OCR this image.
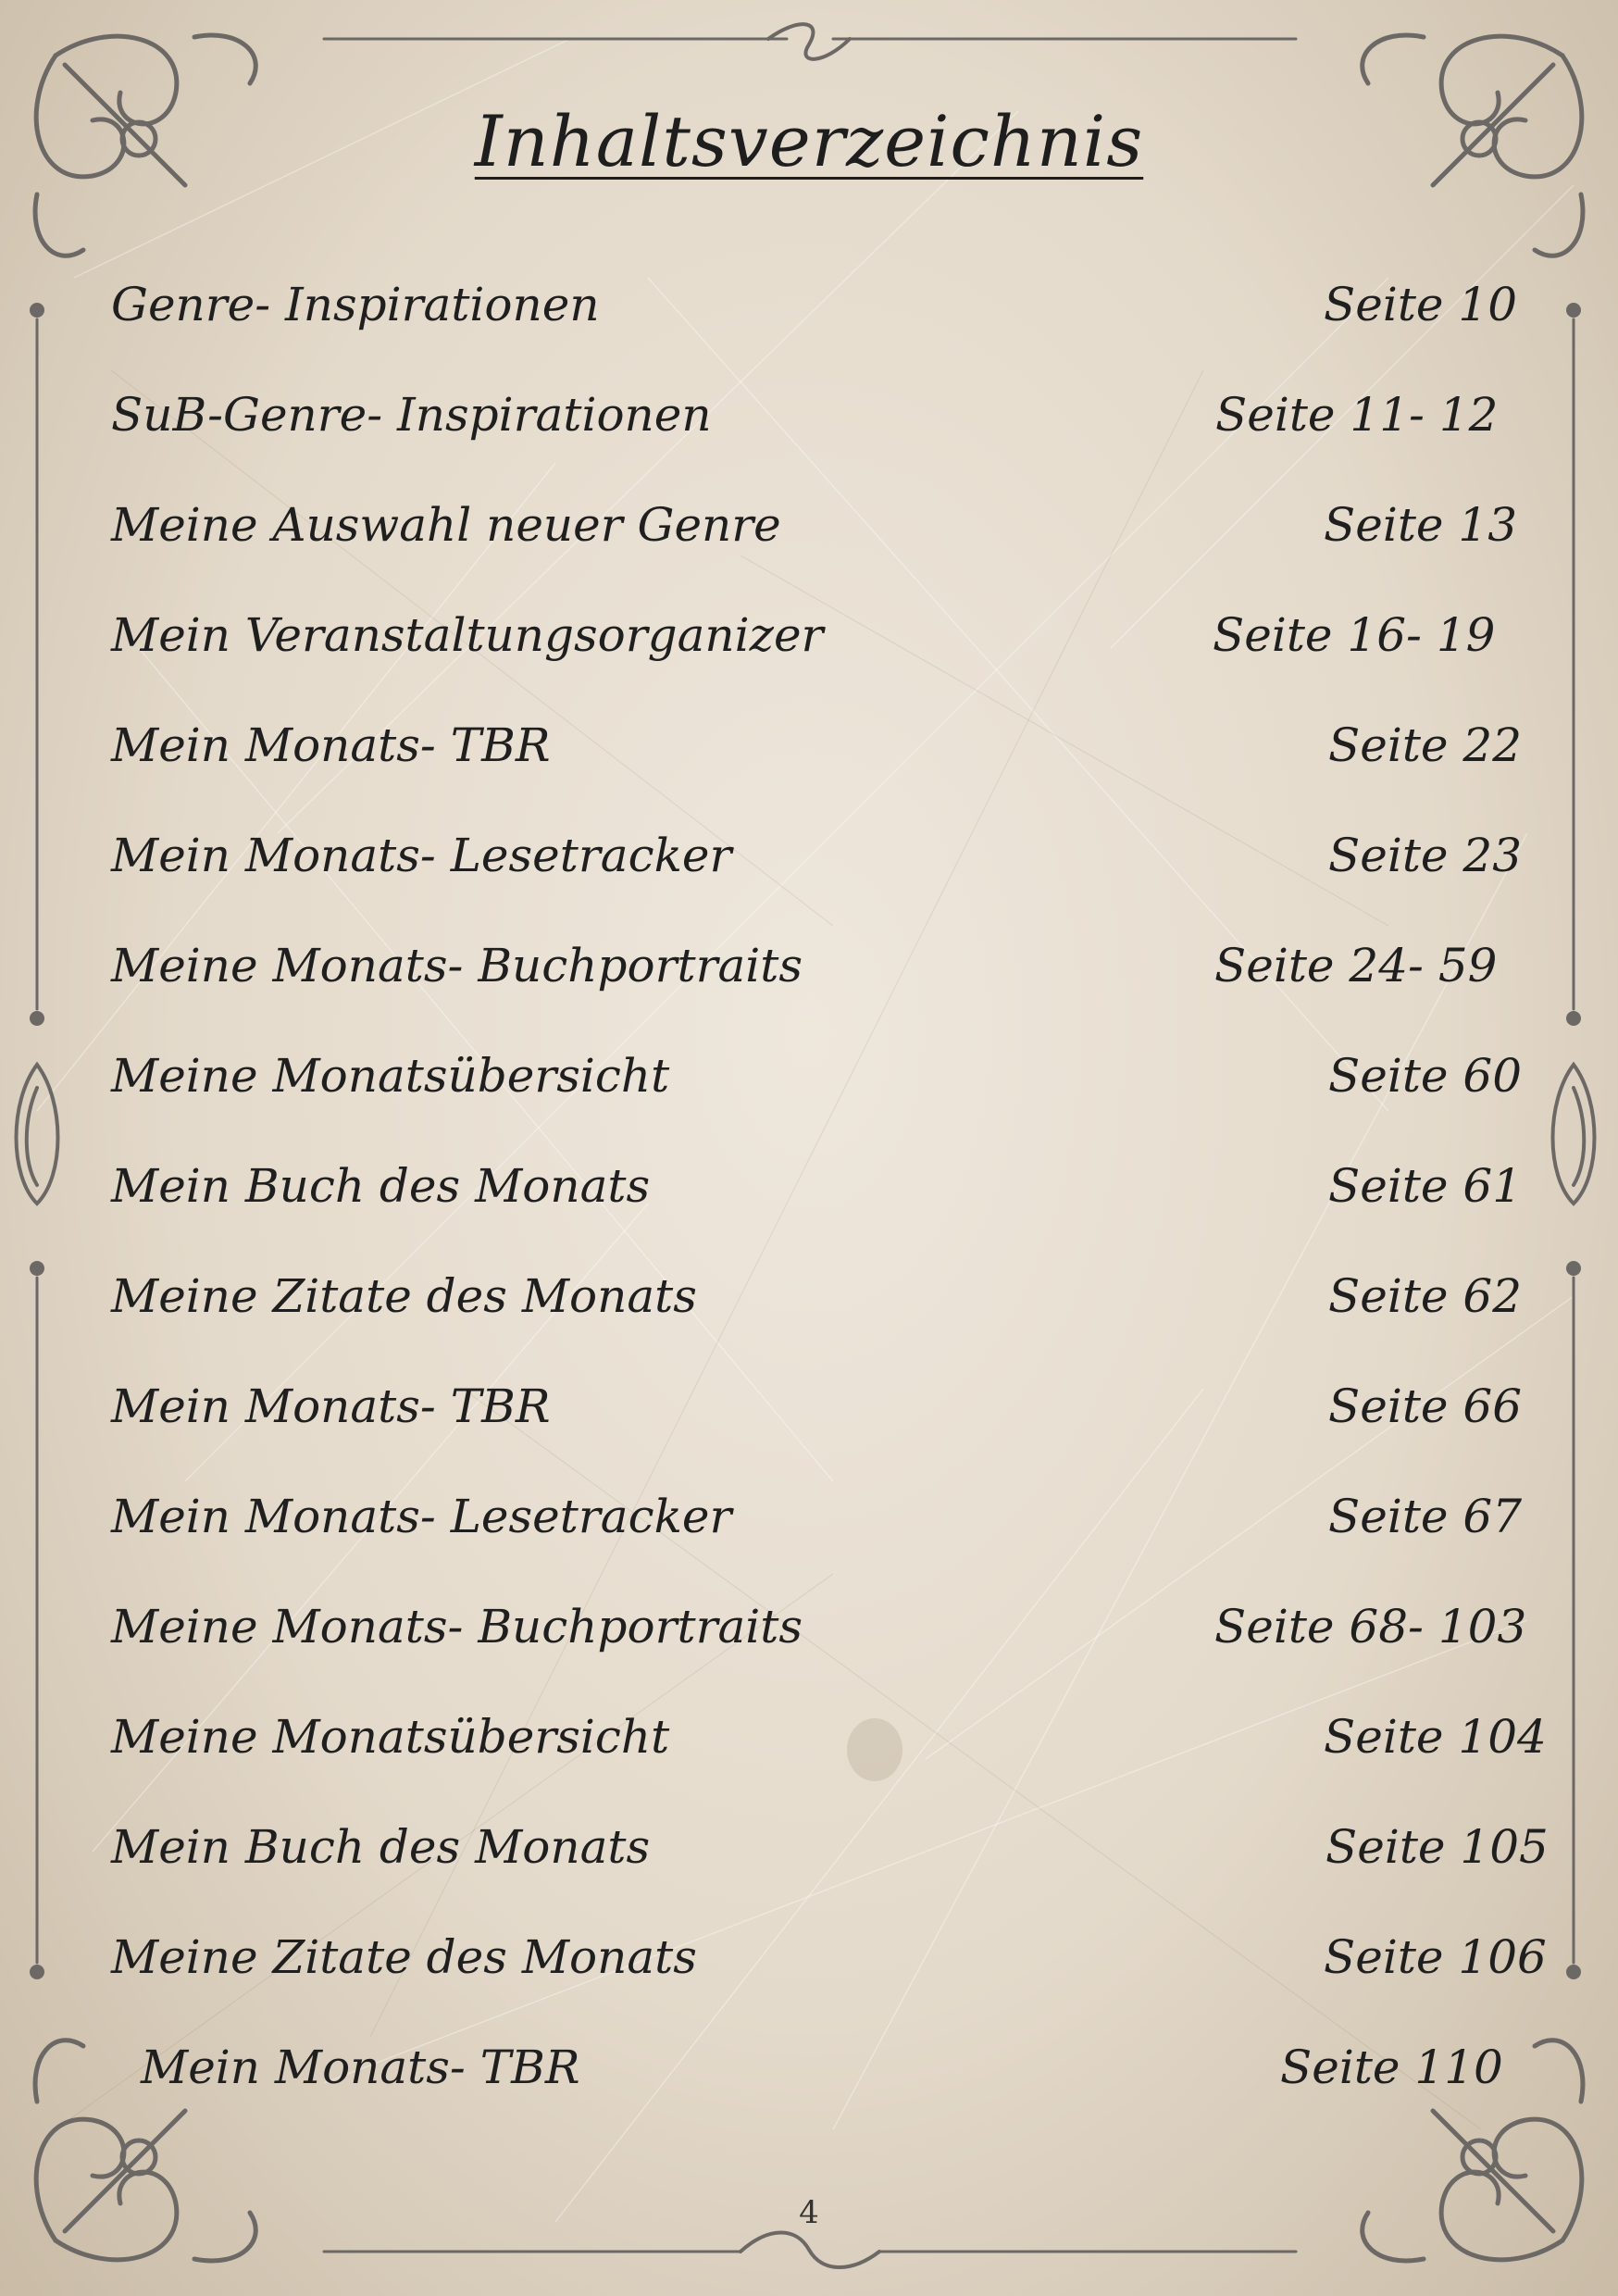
Inhaltsverzeichnis
Genre- Inspirationen	Seite 10
SuB-Genre- Inspirationen	Seite 11- 12
Meine Auswahl neuer Genre	Seite 13
Mein Veranstaltungsorganizer	Seite 16- 19
Mein Monats- TBR	Seite 22
Mein Monats- Lesetracker	Seite 23
Meine Monats- Buchportraits	Seite 24- 59
Meine Monatsübersicht	Seite 60
Mein Buch des Monats	Seite 61
Meine Zitate des Monats	Seite 62
Mein Monats- TBR	Seite 66
Mein Monats- Lesetracker	Seite 67
Meine Monats- Buchportraits	Seite 68- 103
Meine Monatsübersicht	Seite 104
Mein Buch des Monats	Seite 105
Meine Zitate des Monats	Seite 106
Mein Monats- TBR	Seite 110
4
